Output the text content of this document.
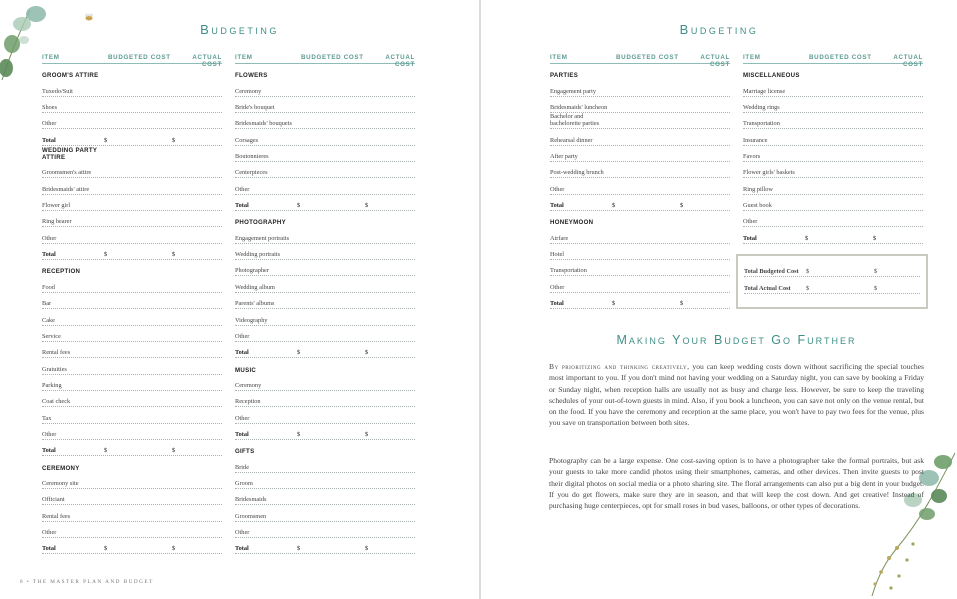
Budgeting
ITEM	BUDGETED COST	ACTUAL COST
GROOM'S ATTIRE
Tuxedo/Suit
Shoes
Other
Total	$	$
WEDDING PARTY ATTIRE
Groomsmen's attire
Bridesmaids' attire
Flower girl
Ring bearer
Other
Total	$	$
RECEPTION
Food
Bar
Cake
Service
Rental fees
Gratuities
Parking
Coat check
Tax
Other
Total	$	$
CEREMONY
Ceremony site
Officiant
Rental fees
Other
Total	$	$
ITEM	BUDGETED COST	ACTUAL COST
FLOWERS
Ceremony
Bride's bouquet
Bridesmaids' bouquets
Corsages
Boutonnieres
Centerpieces
Other
Total	$	$
PHOTOGRAPHY
Engagement portraits
Wedding portraits
Photographer
Wedding album
Parents' albums
Videography
Other
Total	$	$
MUSIC
Ceremony
Reception
Other
Total	$	$
GIFTS
Bride
Groom
Bridesmaids
Groomsmen
Other
Total	$	$
8 • THE MASTER PLAN AND BUDGET
Budgeting
ITEM	BUDGETED COST	ACTUAL COST
PARTIES
Engagement party
Bridesmaids' luncheon
Bachelor and bachelorette parties
Rehearsal dinner
After party
Post-wedding brunch
Other
Total	$	$
HONEYMOON
Airfare
Hotel
Transportation
Other
Total	$	$
ITEM	BUDGETED COST	ACTUAL COST
MISCELLANEOUS
Marriage license
Wedding rings
Transportation
Insurance
Favors
Flower girls' baskets
Ring pillow
Guest book
Other
Total	$	$
Total Budgeted Cost	$	$
Total Actual Cost	$	$
Making Your Budget Go Further

By prioritizing and thinking creatively, you can keep wedding costs down without sacrificing the special touches most important to you. If you don't mind not having your wedding on a Saturday night, you can save by booking a Friday or Sunday night, when reception halls are usually not as busy and charge less. However, be sure to keep the traveling schedules of your out-of-town guests in mind. Also, if you book a luncheon, you can save not only on the venue rental, but on the food. If you have the ceremony and reception at the same place, you won't have to pay two fees for the venue, plus you save on transportation between both sites.

Photography can be a large expense. One cost-saving option is to have a photographer take the formal portraits, but ask your guests to take more candid photos using their smartphones, cameras, and other devices. Then invite guests to post their digital photos on social media or a photo sharing site. The floral arrangements can also put a big dent in your budget. If you do get flowers, make sure they are in season, and that will keep the cost down. And get creative! Instead of purchasing huge centerpieces, opt for small roses in bud vases, balloons, or other types of decorations.
